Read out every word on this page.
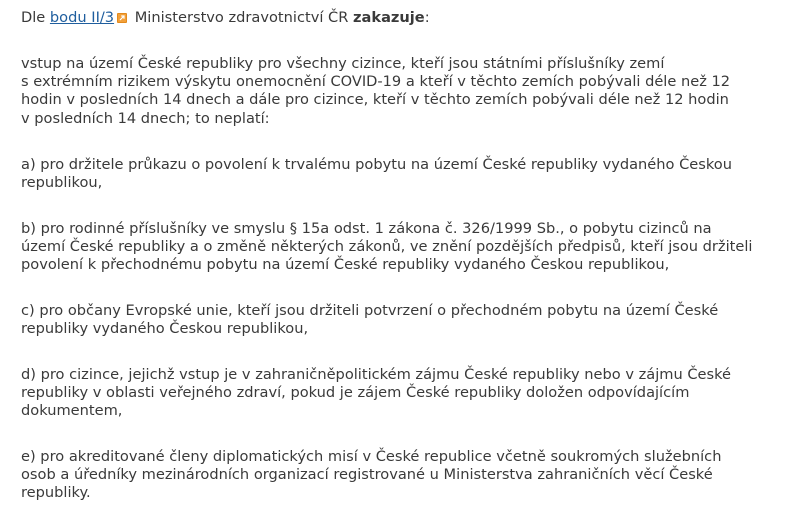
Dle bodu II/3
Ministerstvo zdravotnictví ČR zakazuje:

vstup na území České republiky pro všechny cizince, kteří jsou státními příslušníky zemí
s extrémním rizikem výskytu onemocnění COVID-19 a kteří v těchto zemích pobývali déle než 12
hodin v posledních 14 dnech a dále pro cizince, kteří v těchto zemích pobývali déle než 12 hodin
v posledních 14 dnech; to neplatí:

a) pro držitele průkazu o povolení k trvalému pobytu na území České republiky vydaného Českou
republikou,

b) pro rodinné příslušníky ve smyslu § 15a odst. 1 zákona č. 326/1999 Sb., o pobytu cizinců na
území České republiky a o změně některých zákonů, ve znění pozdějších předpisů, kteří jsou držiteli
povolení k přechodnému pobytu na území České republiky vydaného Českou republikou,

c) pro občany Evropské unie, kteří jsou držiteli potvrzení o přechodném pobytu na území České
republiky vydaného Českou republikou,

d) pro cizince, jejichž vstup je v zahraničněpolitickém zájmu České republiky nebo v zájmu České
republiky v oblasti veřejného zdraví, pokud je zájem České republiky doložen odpovídajícím
dokumentem,

e) pro akreditované členy diplomatických misí v České republice včetně soukromých služebních
osob a úředníky mezinárodních organizací registrované u Ministerstva zahraničních věcí České
republiky.
